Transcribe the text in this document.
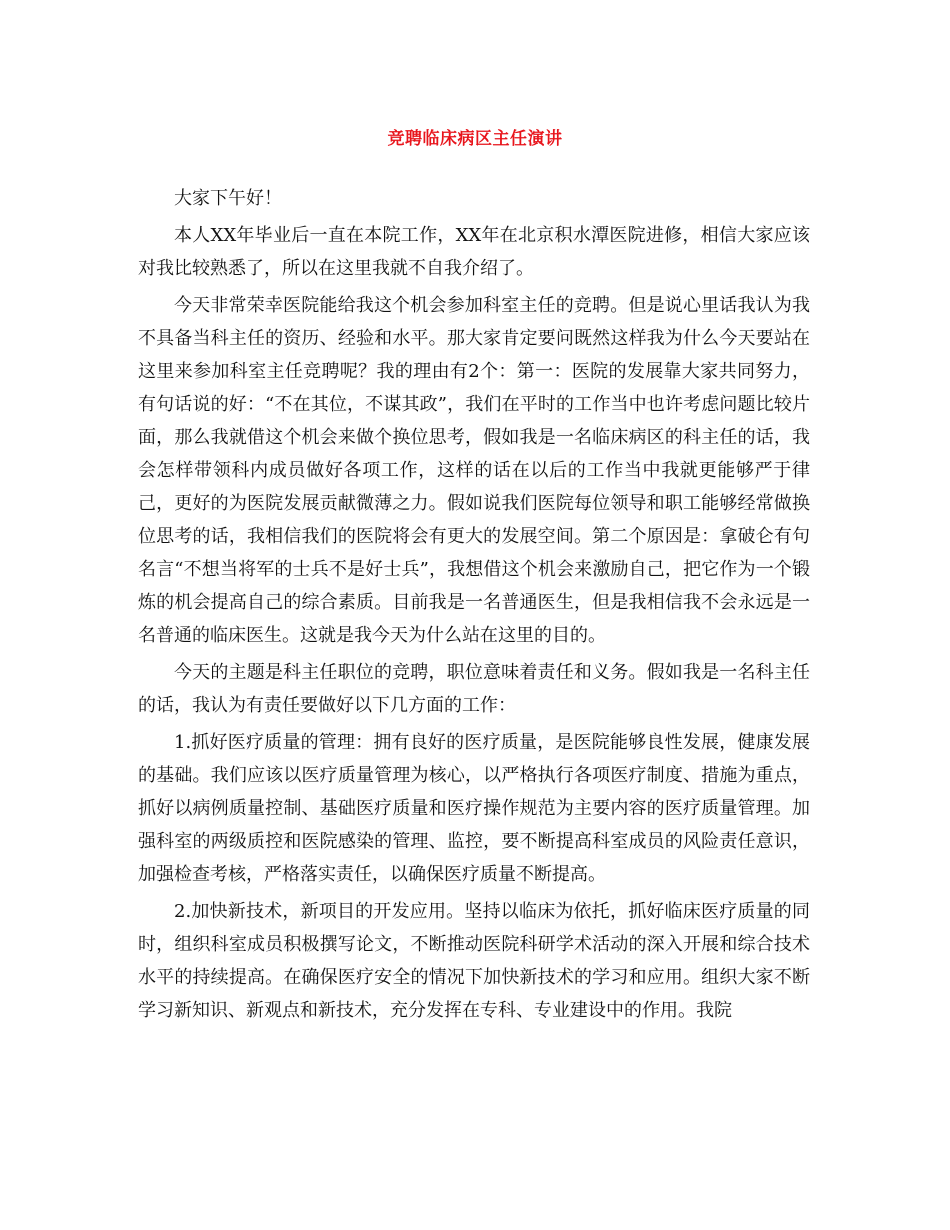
竞聘临床病区主任演讲

大家下午好！

本人XX年毕业后一直在本院工作，XX年在北京积水潭医院进修，相信大家应该对我比较熟悉了，所以在这里我就不自我介绍了。

今天非常荣幸医院能给我这个机会参加科室主任的竞聘。但是说心里话我认为我不具备当科主任的资历、经验和水平。那大家肯定要问既然这样我为什么今天要站在这里来参加科室主任竞聘呢？我的理由有2个：第一：医院的发展靠大家共同努力，有句话说的好：“不在其位，不谋其政”，我们在平时的工作当中也许考虑问题比较片面，那么我就借这个机会来做个换位思考，假如我是一名临床病区的科主任的话，我会怎样带领科内成员做好各项工作，这样的话在以后的工作当中我就更能够严于律己，更好的为医院发展贡献微薄之力。假如说我们医院每位领导和职工能够经常做换位思考的话，我相信我们的医院将会有更大的发展空间。第二个原因是：拿破仑有句名言“不想当将军的士兵不是好士兵”，我想借这个机会来激励自己，把它作为一个锻炼的机会提高自己的综合素质。目前我是一名普通医生，但是我相信我不会永远是一名普通的临床医生。这就是我今天为什么站在这里的目的。

今天的主题是科主任职位的竞聘，职位意味着责任和义务。假如我是一名科主任的话，我认为有责任要做好以下几方面的工作：

1.抓好医疗质量的管理：拥有良好的医疗质量，是医院能够良性发展，健康发展的基础。我们应该以医疗质量管理为核心，以严格执行各项医疗制度、措施为重点，抓好以病例质量控制、基础医疗质量和医疗操作规范为主要内容的医疗质量管理。加强科室的两级质控和医院感染的管理、监控，要不断提高科室成员的风险责任意识，加强检查考核，严格落实责任，以确保医疗质量不断提高。

2.加快新技术，新项目的开发应用。坚持以临床为依托，抓好临床医疗质量的同时，组织科室成员积极撰写论文，不断推动医院科研学术活动的深入开展和综合技术水平的持续提高。在确保医疗安全的情况下加快新技术的学习和应用。组织大家不断学习新知识、新观点和新技术，充分发挥在专科、专业建设中的作用。我院
